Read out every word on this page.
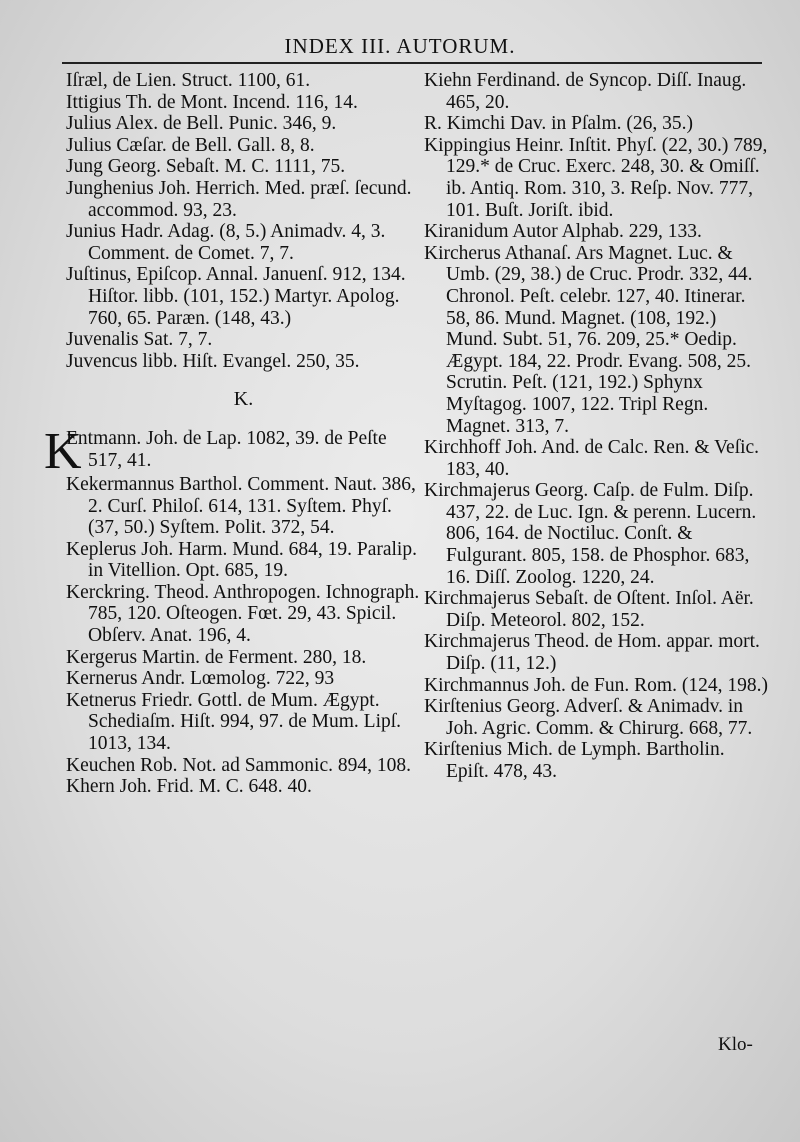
INDEX III. AUTORUM.

Iſræl, de Lien. Struct. 1100, 61.

Ittigius Th. de Mont. Incend. 116, 14.

Julius Alex. de Bell. Punic. 346, 9.

Julius Cæſar. de Bell. Gall. 8, 8.

Jung Georg. Sebaſt. M. C. 1111, 75.

Junghenius Joh. Herrich. Med. præſ. ſecund. accommod. 93, 23.

Junius Hadr. Adag. (8, 5.) Animadv. 4, 3. Comment. de Comet. 7, 7.

Juſtinus, Epiſcop. Annal. Januenſ. 912, 134. Hiſtor. libb. (101, 152.) Martyr. Apolog. 760, 65. Paræn. (148, 43.)

Juvenalis Sat. 7, 7.

Juvencus libb. Hiſt. Evangel. 250, 35.

K.

K
Entmann. Joh. de Lap. 1082, 39. de Peſte 517, 41.

Kekermannus Barthol. Comment. Naut. 386, 2. Curſ. Philoſ. 614, 131. Syſtem. Phyſ. (37, 50.) Syſtem. Polit. 372, 54.

Keplerus Joh. Harm. Mund. 684, 19. Paralip. in Vitellion. Opt. 685, 19.

Kerckring. Theod. Anthropogen. Ichnograph. 785, 120. Oſteogen. Fœt. 29, 43. Spicil. Obſerv. Anat. 196, 4.

Kergerus Martin. de Ferment. 280, 18.

Kernerus Andr. Lœmolog. 722, 93

Ketnerus Friedr. Gottl. de Mum. Ægypt. Schediaſm. Hiſt. 994, 97. de Mum. Lipſ. 1013, 134.

Keuchen Rob. Not. ad Sammonic. 894, 108.

Khern Joh. Frid. M. C. 648. 40.

Kiehn Ferdinand. de Syncop. Diſſ. Inaug. 465, 20.

R. Kimchi Dav. in Pſalm. (26, 35.)

Kippingius Heinr. Inſtit. Phyſ. (22, 30.) 789, 129.* de Cruc. Exerc. 248, 30. & Omiſſ. ib. Antiq. Rom. 310, 3. Reſp. Nov. 777, 101. Buſt. Joriſt. ibid.

Kiranidum Autor Alphab. 229, 133.

Kircherus Athanaſ. Ars Magnet. Luc. & Umb. (29, 38.) de Cruc. Prodr. 332, 44. Chronol. Peſt. celebr. 127, 40. Itinerar. 58, 86. Mund. Magnet. (108, 192.) Mund. Subt. 51, 76. 209, 25.* Oedip. Ægypt. 184, 22. Prodr. Evang. 508, 25. Scrutin. Peſt. (121, 192.) Sphynx Myſtagog. 1007, 122. Tripl Regn. Magnet. 313, 7.

Kirchhoff Joh. And. de Calc. Ren. & Veſic. 183, 40.

Kirchmajerus Georg. Caſp. de Fulm. Diſp. 437, 22. de Luc. Ign. & perenn. Lucern. 806, 164. de Noctiluc. Conſt. & Fulgurant. 805, 158. de Phosphor. 683, 16. Diſſ. Zoolog. 1220, 24.

Kirchmajerus Sebaſt. de Oſtent. Inſol. Aër. Diſp. Meteorol. 802, 152.

Kirchmajerus Theod. de Hom. appar. mort. Diſp. (11, 12.)

Kirchmannus Joh. de Fun. Rom. (124, 198.)

Kirſtenius Georg. Adverſ. & Animadv. in Joh. Agric. Comm. & Chirurg. 668, 77.

Kirſtenius Mich. de Lymph. Bartholin. Epiſt. 478, 43.

Klo-
